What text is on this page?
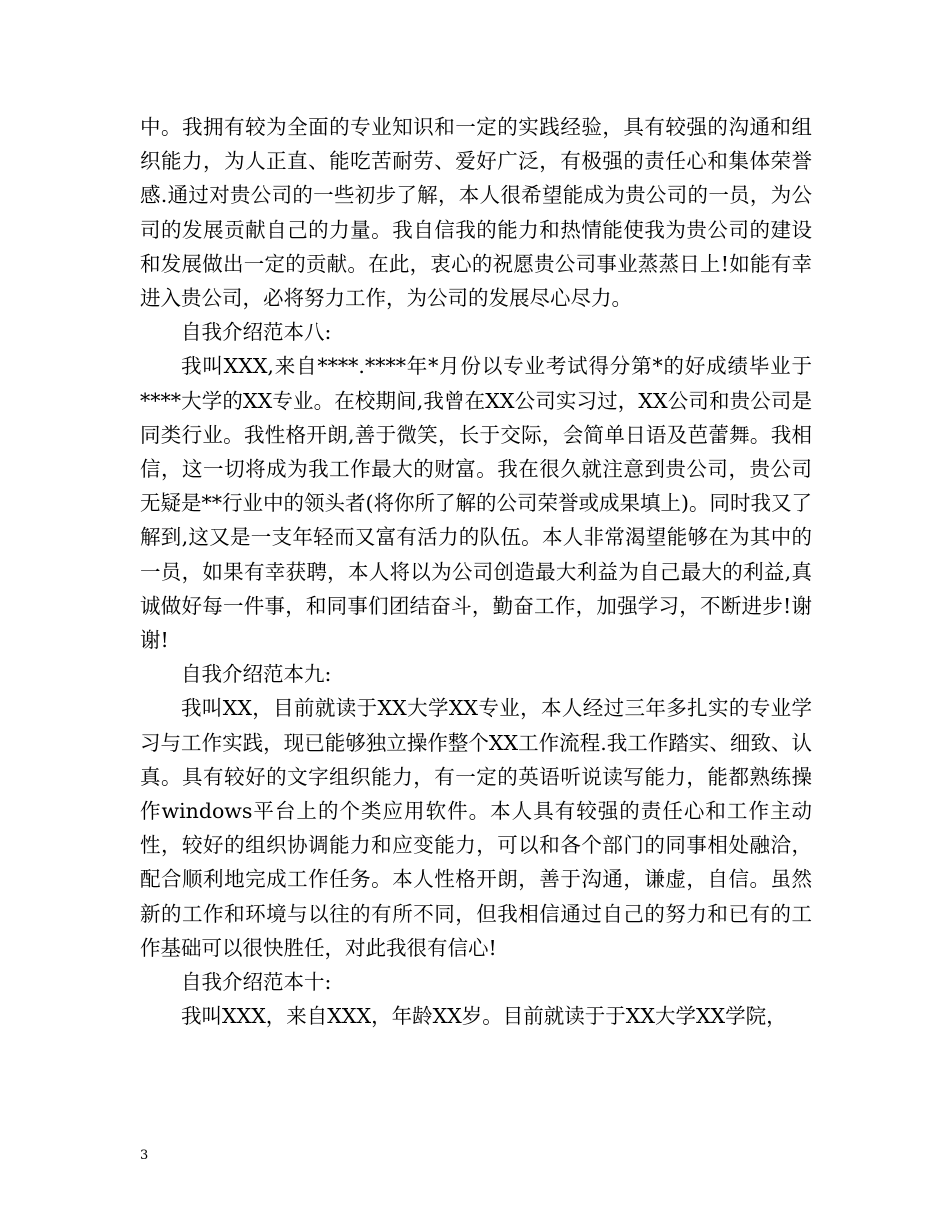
中。我拥有较为全面的专业知识和一定的实践经验，具有较强的沟通和组织能力，为人正直、能吃苦耐劳、爱好广泛，有极强的责任心和集体荣誉感.通过对贵公司的一些初步了解，本人很希望能成为贵公司的一员，为公司的发展贡献自己的力量。我自信我的能力和热情能使我为贵公司的建设和发展做出一定的贡献。在此，衷心的祝愿贵公司事业蒸蒸日上!如能有幸进入贵公司，必将努力工作，为公司的发展尽心尽力。

自我介绍范本八:

我叫XXX,来自****.****年*月份以专业考试得分第*的好成绩毕业于****大学的XX专业。在校期间,我曾在XX公司实习过，XX公司和贵公司是同类行业。我性格开朗,善于微笑，长于交际，会简单日语及芭蕾舞。我相信，这一切将成为我工作最大的财富。我在很久就注意到贵公司，贵公司无疑是**行业中的领头者(将你所了解的公司荣誉或成果填上)。同时我又了解到,这又是一支年轻而又富有活力的队伍。本人非常渴望能够在为其中的一员，如果有幸获聘，本人将以为公司创造最大利益为自己最大的利益,真诚做好每一件事，和同事们团结奋斗，勤奋工作，加强学习，不断进步!谢谢!

自我介绍范本九:

我叫XX，目前就读于XX大学XX专业，本人经过三年多扎实的专业学习与工作实践，现已能够独立操作整个XX工作流程.我工作踏实、细致、认真。具有较好的文字组织能力，有一定的英语听说读写能力，能都熟练操作windows平台上的个类应用软件。本人具有较强的责任心和工作主动性，较好的组织协调能力和应变能力，可以和各个部门的同事相处融洽，配合顺利地完成工作任务。本人性格开朗，善于沟通，谦虚，自信。虽然新的工作和环境与以往的有所不同，但我相信通过自己的努力和已有的工作基础可以很快胜任，对此我很有信心!

自我介绍范本十:

我叫XXX，来自XXX，年龄XX岁。目前就读于于XX大学XX学院，

3
